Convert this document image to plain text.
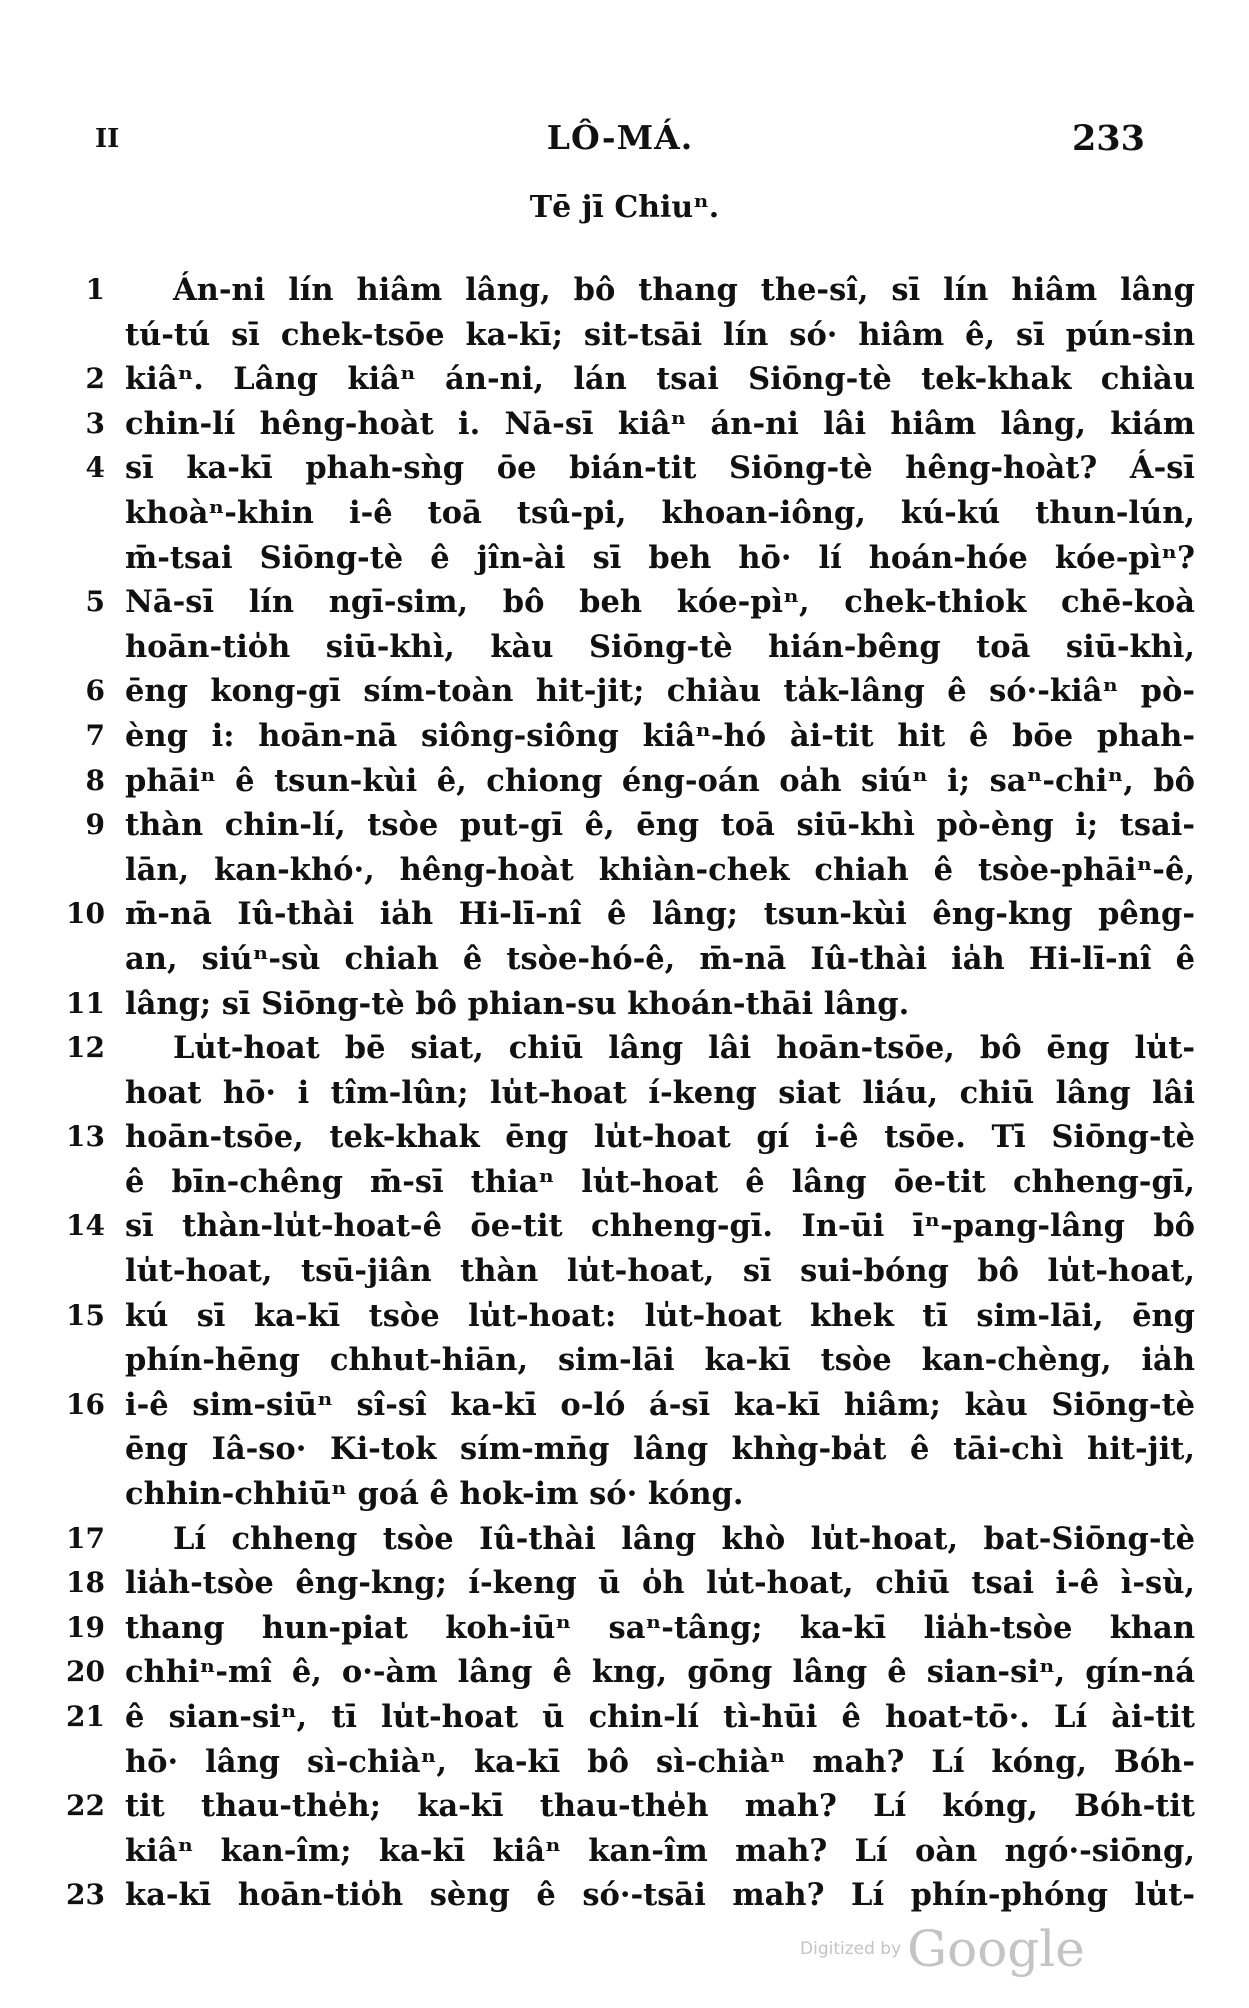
II	LÔ-MÁ.	233
Tē jī Chiuⁿ.
1 Án-ni lín hiâm lâng, bô thang the-sî, sī lín hiâm lâng
tú-tú sī chek-tsōe ka-kī; sit-tsāi lín só· hiâm ê, sī pún-sin
2 kiâⁿ. Lâng kiâⁿ án-ni, lán tsai Siōng-tè tek-khak chiàu
3 chin-lí hêng-hoàt i. Nā-sī kiâⁿ án-ni lâi hiâm lâng, kiám
4 sī ka-kī phah-sǹg ōe bián-tit Siōng-tè hêng-hoàt? Á-sī
khoàⁿ-khin i-ê toā tsû-pi, khoan-iông, kú-kú thun-lún,
m̄-tsai Siōng-tè ê jîn-ài sī beh hō· lí hoán-hóe kóe-pìⁿ?
5 Nā-sī lín ngī-sim, bô beh kóe-pìⁿ, chek-thiok chē-koà
hoān-tio̍h siū-khì, kàu Siōng-tè hián-bêng toā siū-khì,
6 ēng kong-gī sím-toàn hit-jit; chiàu ta̍k-lâng ê só·-kiâⁿ pò-
7 èng i: hoān-nā siông-siông kiâⁿ-hó ài-tit hit ê bōe phah-
8 phāiⁿ ê tsun-kùi ê, chiong éng-oán oa̍h siúⁿ i; saⁿ-chiⁿ, bô
9 thàn chin-lí, tsòe put-gī ê, ēng toā siū-khì pò-èng i; tsai-
lān, kan-khó·, hêng-hoàt khiàn-chek chiah ê tsòe-phāiⁿ-ê,
10 m̄-nā Iû-thài ia̍h Hi-lī-nî ê lâng; tsun-kùi êng-kng pêng-
an, siúⁿ-sù chiah ê tsòe-hó-ê, m̄-nā Iû-thài ia̍h Hi-lī-nî ê
11 lâng; sī Siōng-tè bô phian-su khoán-thāi lâng.
12 Lu̍t-hoat bē siat, chiū lâng lâi hoān-tsōe, bô ēng lu̍t-
hoat hō· i tîm-lûn; lu̍t-hoat í-keng siat liáu, chiū lâng lâi
13 hoān-tsōe, tek-khak ēng lu̍t-hoat gí i-ê tsōe. Tī Siōng-tè
ê bīn-chêng m̄-sī thiaⁿ lu̍t-hoat ê lâng ōe-tit chheng-gī,
14 sī thàn-lu̍t-hoat-ê ōe-tit chheng-gī. In-ūi īⁿ-pang-lâng bô
lu̍t-hoat, tsū-jiân thàn lu̍t-hoat, sī sui-bóng bô lu̍t-hoat,
15 kú sī ka-kī tsòe lu̍t-hoat: lu̍t-hoat khek tī sim-lāi, ēng
phín-hēng chhut-hiān, sim-lāi ka-kī tsòe kan-chèng, ia̍h
16 i-ê sim-siūⁿ sî-sî ka-kī o-ló á-sī ka-kī hiâm; kàu Siōng-tè
ēng Iâ-so· Ki-tok sím-mn̄g lâng khǹg-ba̍t ê tāi-chì hit-jit,
chhin-chhiūⁿ goá ê hok-im só· kóng.
17 Lí chheng tsòe Iû-thài lâng khò lu̍t-hoat, bat-Siōng-tè
18 lia̍h-tsòe êng-kng; í-keng ū o̍h lu̍t-hoat, chiū tsai i-ê ì-sù,
19 thang hun-piat koh-iūⁿ saⁿ-tâng; ka-kī lia̍h-tsòe khan
20 chhiⁿ-mî ê, o·-àm lâng ê kng, gōng lâng ê sian-siⁿ, gín-ná
21 ê sian-siⁿ, tī lu̍t-hoat ū chin-lí tì-hūi ê hoat-tō·. Lí ài-tit
hō· lâng sì-chiàⁿ, ka-kī bô sì-chiàⁿ mah? Lí kóng, Bóh-
22 tit thau-the̍h; ka-kī thau-the̍h mah? Lí kóng, Bóh-tit
kiâⁿ kan-îm; ka-kī kiâⁿ kan-îm mah? Lí oàn ngó·-siōng,
23 ka-kī hoān-tio̍h sèng ê só·-tsāi mah? Lí phín-phóng lu̍t-
Digitized by Google
